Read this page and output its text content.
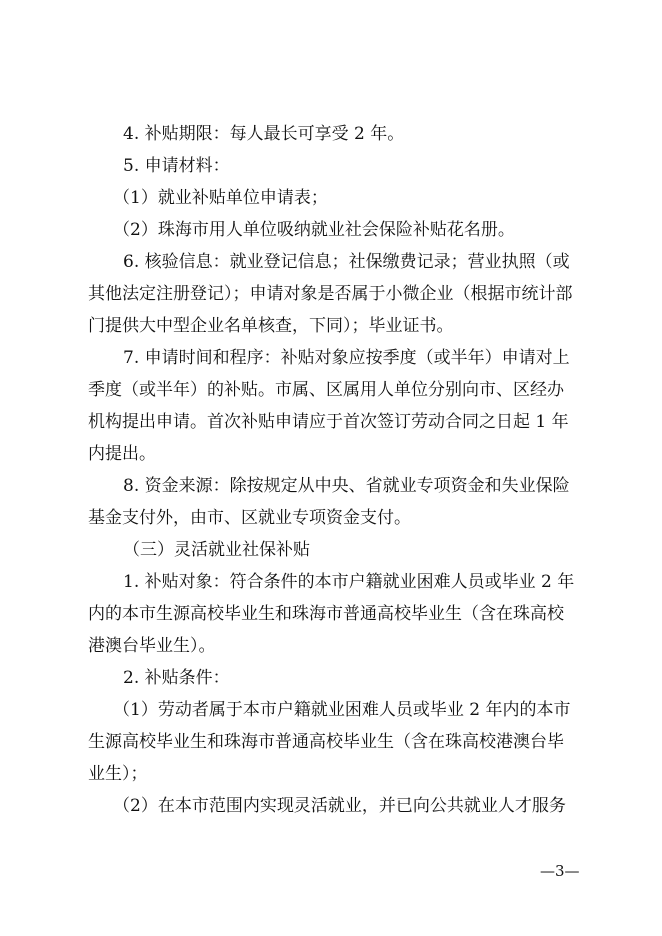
4. 补贴期限：每人最长可享受 2 年。
5. 申请材料：
（1）就业补贴单位申请表；
（2）珠海市用人单位吸纳就业社会保险补贴花名册。
6. 核验信息：就业登记信息；社保缴费记录；营业执照（或
其他法定注册登记）；申请对象是否属于小微企业（根据市统计部
门提供大中型企业名单核查，下同）；毕业证书。
7. 申请时间和程序：补贴对象应按季度（或半年）申请对上
季度（或半年）的补贴。市属、区属用人单位分别向市、区经办
机构提出申请。首次补贴申请应于首次签订劳动合同之日起 1 年
内提出。
8. 资金来源：除按规定从中央、省就业专项资金和失业保险
基金支付外，由市、区就业专项资金支付。
（三）灵活就业社保补贴
1. 补贴对象：符合条件的本市户籍就业困难人员或毕业 2 年
内的本市生源高校毕业生和珠海市普通高校毕业生（含在珠高校
港澳台毕业生）。
2. 补贴条件：
（1）劳动者属于本市户籍就业困难人员或毕业 2 年内的本市
生源高校毕业生和珠海市普通高校毕业生（含在珠高校港澳台毕
业生）；
（2）在本市范围内实现灵活就业，并已向公共就业人才服务
—3—
